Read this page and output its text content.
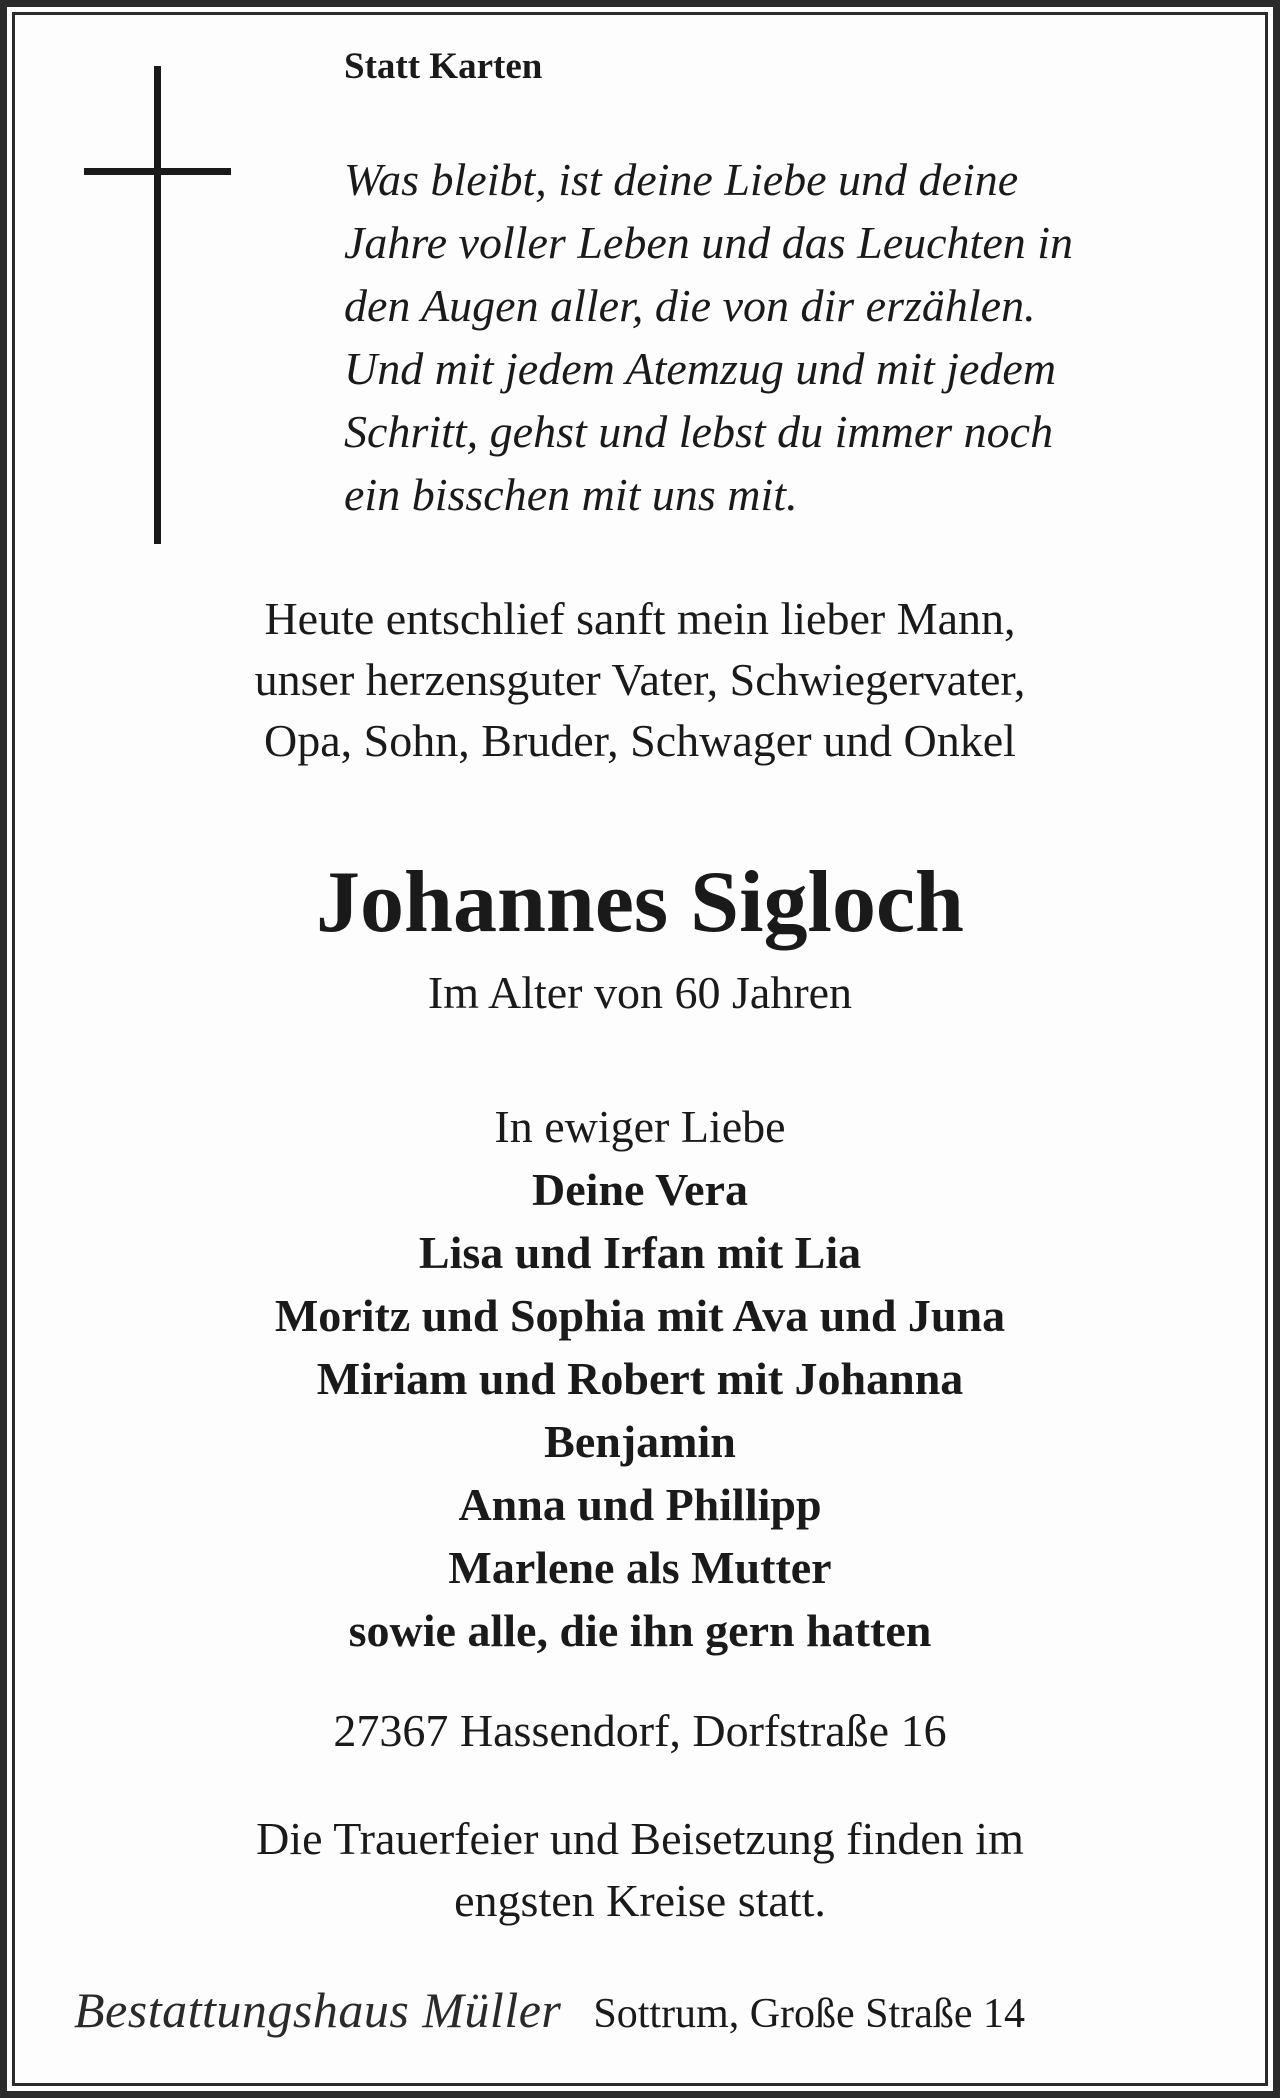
Statt Karten
Was bleibt, ist deine Liebe und deine
Jahre voller Leben und das Leuchten in
den Augen aller, die von dir erzählen.
Und mit jedem Atemzug und mit jedem
Schritt, gehst und lebst du immer noch
ein bisschen mit uns mit.
Heute entschlief sanft mein lieber Mann,
unser herzensguter Vater, Schwiegervater,
Opa, Sohn, Bruder, Schwager und Onkel
Johannes Sigloch
Im Alter von 60 Jahren
In ewiger Liebe
Deine Vera
Lisa und Irfan mit Lia
Moritz und Sophia mit Ava und Juna
Miriam und Robert mit Johanna
Benjamin
Anna und Phillipp
Marlene als Mutter
sowie alle, die ihn gern hatten
27367 Hassendorf, Dorfstraße 16
Die Trauerfeier und Beisetzung finden im
engsten Kreise statt.
Bestattungshaus Müller Sottrum, Große Straße 14
